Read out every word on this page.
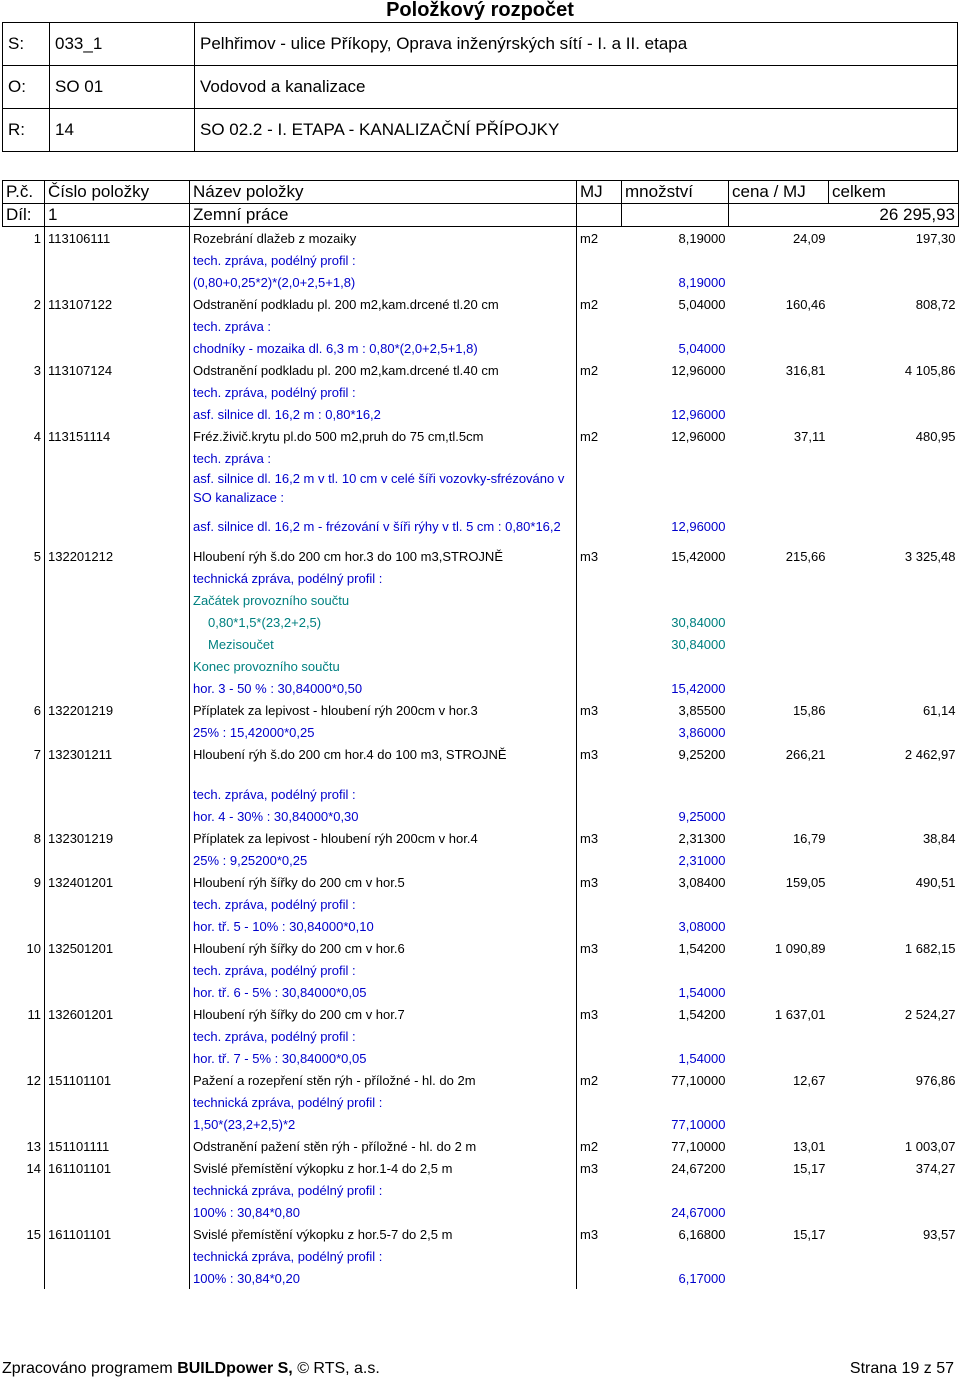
Položkový rozpočet
S:	033_1	Pelhřimov - ulice Příkopy, Oprava inženýrských sítí - I. a II. etapa
O:	SO 01	Vodovod a kanalizace
R:	14	SO 02.2 - I. ETAPA - KANALIZAČNÍ PŘÍPOJKY
P.č.	Číslo položky	Název položky	MJ	množství	cena / MJ	celkem
Díl:	1	Zemní práce				26 295,93
1	113106111	Rozebrání dlažeb z mozaiky	m2	8,19000	24,09	197,30
		tech. zpráva, podélný profil :				
		(0,80+0,25*2)*(2,0+2,5+1,8)		8,19000		
2	113107122	Odstranění podkladu pl. 200 m2,kam.drcené tl.20 cm	m2	5,04000	160,46	808,72
		tech. zpráva :				
		chodníky - mozaika dl. 6,3 m : 0,80*(2,0+2,5+1,8)		5,04000		
3	113107124	Odstranění podkladu pl. 200 m2,kam.drcené tl.40 cm	m2	12,96000	316,81	4 105,86
		tech. zpráva, podélný profil :				
		asf. silnice dl. 16,2 m : 0,80*16,2		12,96000		
4	113151114	Fréz.živič.krytu pl.do 500 m2,pruh do 75 cm,tl.5cm	m2	12,96000	37,11	480,95
		tech. zpráva :				
		asf. silnice dl. 16,2 m v tl. 10 cm v celé šíři vozovky-sfrézováno v SO kanalizace :				
		asf. silnice dl. 16,2 m - frézování v šíři rýhy v tl. 5 cm : 0,80*16,2		12,96000		
5	132201212	Hloubení rýh š.do 200 cm hor.3 do 100 m3,STROJNĚ	m3	15,42000	215,66	3 325,48
		technická zpráva, podélný profil :				
		Začátek provozního součtu				
		0,80*1,5*(23,2+2,5)		30,84000		
		Mezisoučet		30,84000		
		Konec provozního součtu				
		hor. 3 - 50 % : 30,84000*0,50		15,42000		
6	132201219	Příplatek za lepivost - hloubení rýh 200cm v hor.3	m3	3,85500	15,86	61,14
		25% : 15,42000*0,25		3,86000		
7	132301211	Hloubení rýh š.do 200 cm hor.4 do 100 m3, STROJNĚ	m3	9,25200	266,21	2 462,97

		tech. zpráva, podélný profil :				
		hor. 4 - 30% : 30,84000*0,30		9,25000		
8	132301219	Příplatek za lepivost - hloubení rýh 200cm v hor.4	m3	2,31300	16,79	38,84
		25% : 9,25200*0,25		2,31000		
9	132401201	Hloubení rýh šířky do 200 cm v hor.5	m3	3,08400	159,05	490,51
		tech. zpráva, podélný profil :				
		hor. tř. 5 - 10% : 30,84000*0,10		3,08000		
10	132501201	Hloubení rýh šířky do 200 cm v hor.6	m3	1,54200	1 090,89	1 682,15
		tech. zpráva, podélný profil :				
		hor. tř. 6 - 5% : 30,84000*0,05		1,54000		
11	132601201	Hloubení rýh šířky do 200 cm v hor.7	m3	1,54200	1 637,01	2 524,27
		tech. zpráva, podélný profil :				
		hor. tř. 7 - 5% : 30,84000*0,05		1,54000		
12	151101101	Pažení a rozepření stěn rýh - příložné - hl. do 2m	m2	77,10000	12,67	976,86
		technická zpráva, podélný profil :				
		1,50*(23,2+2,5)*2		77,10000		
13	151101111	Odstranění pažení stěn rýh - příložné - hl. do 2 m	m2	77,10000	13,01	1 003,07
14	161101101	Svislé přemístění výkopku z hor.1-4 do 2,5 m	m3	24,67200	15,17	374,27
		technická zpráva, podélný profil :				
		100% : 30,84*0,80		24,67000		
15	161101101	Svislé přemístění výkopku z hor.5-7 do 2,5 m	m3	6,16800	15,17	93,57
		technická zpráva, podélný profil :				
		100% : 30,84*0,20		6,17000		
Zpracováno programem BUILDpower S, © RTS, a.s.	Strana 19 z 57
